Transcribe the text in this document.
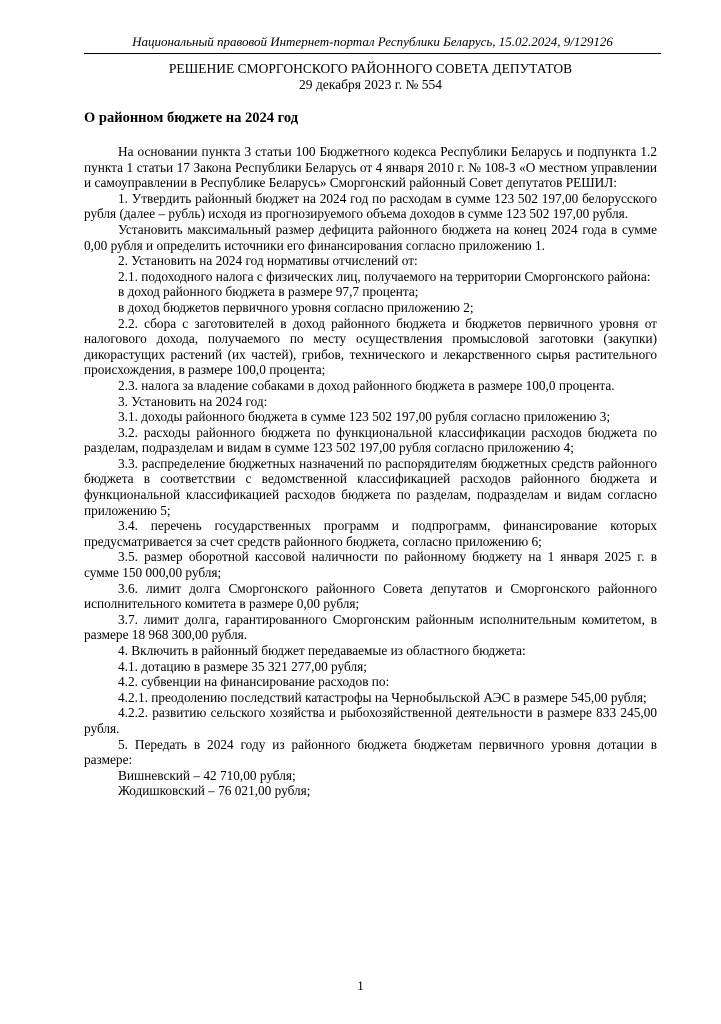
Национальный правовой Интернет-портал Республики Беларусь, 15.02.2024, 9/129126
РЕШЕНИЕ СМОРГОНСКОГО РАЙОННОГО СОВЕТА ДЕПУТАТОВ
29 декабря 2023 г. № 554
О районном бюджете на 2024 год

На основании пункта 3 статьи 100 Бюджетного кодекса Республики Беларусь и подпункта 1.2 пункта 1 статьи 17 Закона Республики Беларусь от 4 января 2010 г. № 108-З «О местном управлении и самоуправлении в Республике Беларусь» Сморгонский районный Совет депутатов РЕШИЛ:

1. Утвердить районный бюджет на 2024 год по расходам в сумме 123 502 197,00 белорусского рубля (далее – рубль) исходя из прогнозируемого объема доходов в сумме 123 502 197,00 рубля.

Установить максимальный размер дефицита районного бюджета на конец 2024 года в сумме 0,00 рубля и определить источники его финансирования согласно приложению 1.

2. Установить на 2024 год нормативы отчислений от:

2.1. подоходного налога с физических лиц, получаемого на территории Сморгонского района:

в доход районного бюджета в размере 97,7 процента;

в доход бюджетов первичного уровня согласно приложению 2;

2.2. сбора с заготовителей в доход районного бюджета и бюджетов первичного уровня от налогового дохода, получаемого по месту осуществления промысловой заготовки (закупки) дикорастущих растений (их частей), грибов, технического и лекарственного сырья растительного происхождения, в размере 100,0 процента;

2.3. налога за владение собаками в доход районного бюджета в размере 100,0 процента.

3. Установить на 2024 год:

3.1. доходы районного бюджета в сумме 123 502 197,00 рубля согласно приложению 3;

3.2. расходы районного бюджета по функциональной классификации расходов бюджета по разделам, подразделам и видам в сумме 123 502 197,00 рубля согласно приложению 4;

3.3. распределение бюджетных назначений по распорядителям бюджетных средств районного бюджета в соответствии с ведомственной классификацией расходов районного бюджета и функциональной классификацией расходов бюджета по разделам, подразделам и видам согласно приложению 5;

3.4. перечень государственных программ и подпрограмм, финансирование которых предусматривается за счет средств районного бюджета, согласно приложению 6;

3.5. размер оборотной кассовой наличности по районному бюджету на 1 января 2025 г. в сумме 150 000,00 рубля;

3.6. лимит долга Сморгонского районного Совета депутатов и Сморгонского районного исполнительного комитета в размере 0,00 рубля;

3.7. лимит долга, гарантированного Сморгонским районным исполнительным комитетом, в размере 18 968 300,00 рубля.

4. Включить в районный бюджет передаваемые из областного бюджета:

4.1. дотацию в размере 35 321 277,00 рубля;

4.2. субвенции на финансирование расходов по:

4.2.1. преодолению последствий катастрофы на Чернобыльской АЭС в размере 545,00 рубля;

4.2.2. развитию сельского хозяйства и рыбохозяйственной деятельности в размере 833 245,00 рубля.

5. Передать в 2024 году из районного бюджета бюджетам первичного уровня дотации в размере:

Вишневский – 42 710,00 рубля;

Жодишковский – 76 021,00 рубля;

1
